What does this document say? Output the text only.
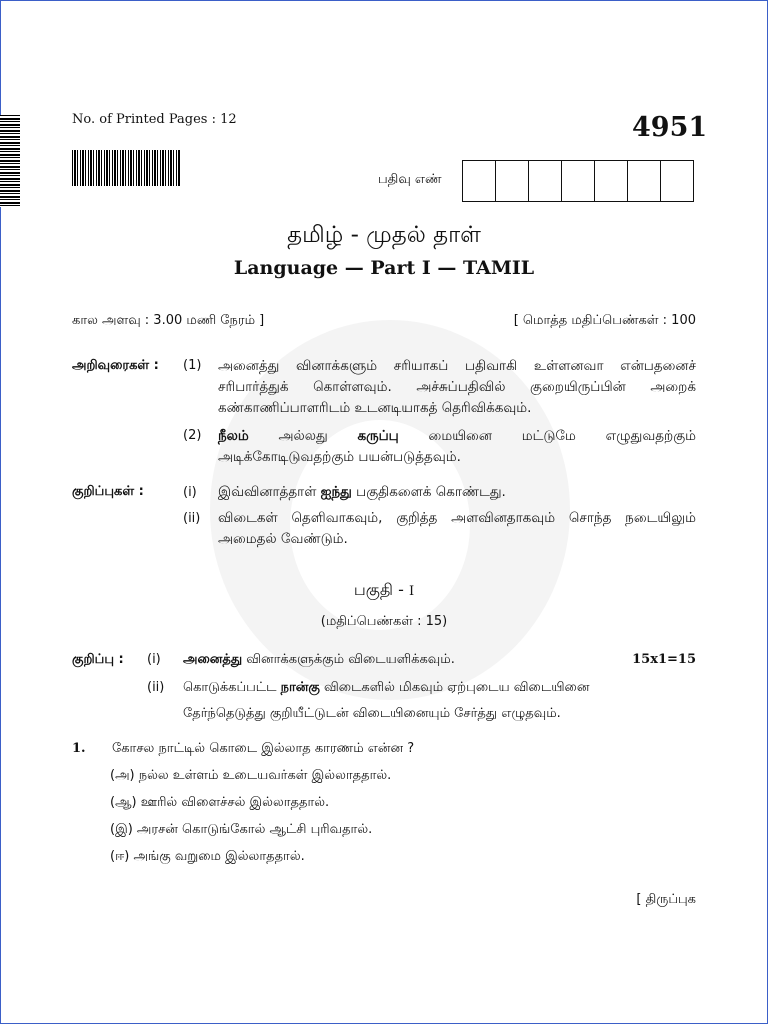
No. of Printed Pages : 12	4951
பதிவு எண்
தமிழ் - முதல் தாள்
Language — Part I — TAMIL
கால அளவு : 3.00 மணி நேரம் ]	[ மொத்த மதிப்பெண்கள் : 100
அறிவுரைகள் : (1) அனைத்து வினாக்களும் சரியாகப் பதிவாகி உள்ளனவா என்பதனைச் சரிபார்த்துக் கொள்ளவும். அச்சுப்பதிவில் குறையிருப்பின் அறைக் கண்காணிப்பாளரிடம் உடனடியாகத் தெரிவிக்கவும்.
(2) நீலம் அல்லது கருப்பு மையினை மட்டுமே எழுதுவதற்கும் அடிக்கோடிடுவதற்கும் பயன்படுத்தவும்.
குறிப்புகள் :	(i) இவ்வினாத்தாள் ஐந்து பகுதிகளைக் கொண்டது.
(ii) விடைகள் தெளிவாகவும், குறித்த அளவினதாகவும் சொந்த நடையிலும் அமைதல் வேண்டும்.
பகுதி - I
(மதிப்பெண்கள் : 15)
குறிப்பு : (i) அனைத்து வினாக்களுக்கும் விடையளிக்கவும்.	15x1=15
(ii) கொடுக்கப்பட்ட நான்கு விடைகளில் மிகவும் ஏற்புடைய விடையினை
தேர்ந்தெடுத்து குறியீட்டுடன் விடையினையும் சேர்த்து எழுதவும்.
1. கோசல நாட்டில் கொடை இல்லாத காரணம் என்ன ?
(அ) நல்ல உள்ளம் உடையவர்கள் இல்லாததால்.
(ஆ) ஊரில் விளைச்சல் இல்லாததால்.
(இ) அரசன் கொடுங்கோல் ஆட்சி புரிவதால்.
(ஈ) அங்கு வறுமை இல்லாததால்.
[ திருப்புக
